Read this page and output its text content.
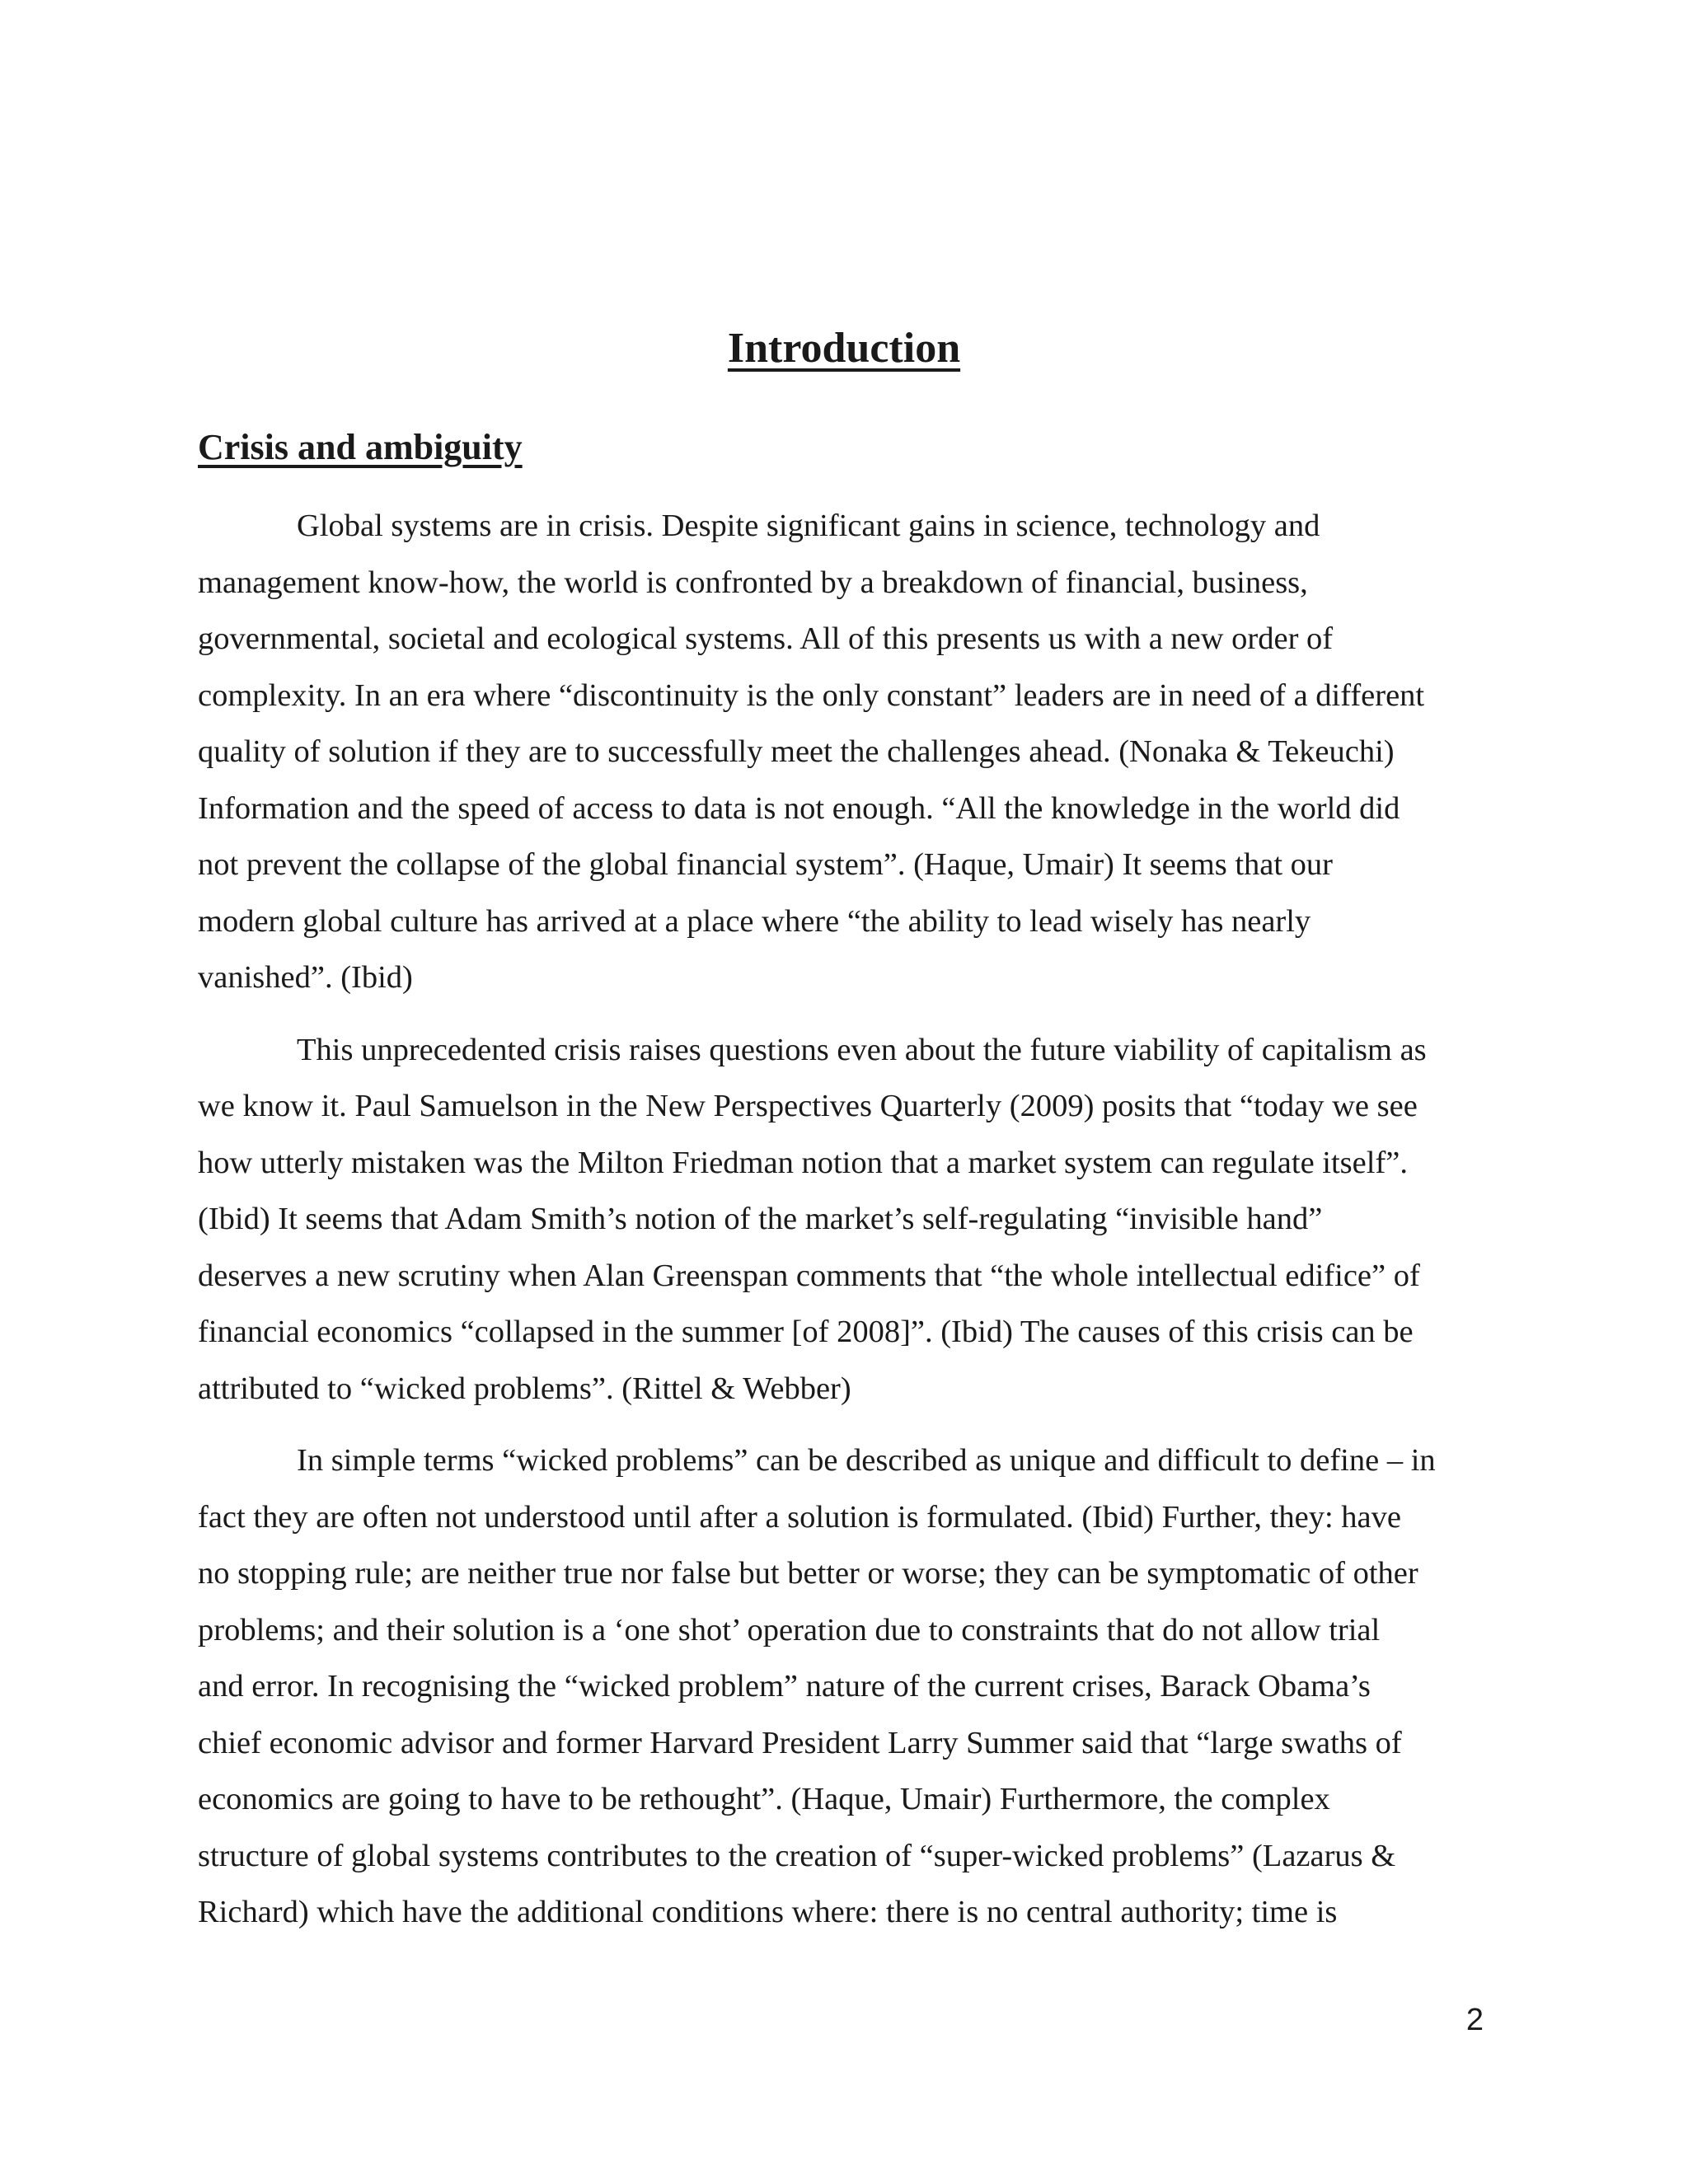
Introduction
Crisis and ambiguity

Global systems are in crisis. Despite significant gains in science, technology and
management know-how, the world is confronted by a breakdown of financial, business,
governmental, societal and ecological systems. All of this presents us with a new order of
complexity. In an era where “discontinuity is the only constant” leaders are in need of a different
quality of solution if they are to successfully meet the challenges ahead. (Nonaka & Tekeuchi)
Information and the speed of access to data is not enough. “All the knowledge in the world did
not prevent the collapse of the global financial system”. (Haque, Umair) It seems that our
modern global culture has arrived at a place where “the ability to lead wisely has nearly
vanished”. (Ibid)

This unprecedented crisis raises questions even about the future viability of capitalism as
we know it. Paul Samuelson in the New Perspectives Quarterly (2009) posits that “today we see
how utterly mistaken was the Milton Friedman notion that a market system can regulate itself”.
(Ibid) It seems that Adam Smith’s notion of the market’s self-regulating “invisible hand”
deserves a new scrutiny when Alan Greenspan comments that “the whole intellectual edifice” of
financial economics “collapsed in the summer [of 2008]”. (Ibid) The causes of this crisis can be
attributed to “wicked problems”. (Rittel & Webber)

In simple terms “wicked problems” can be described as unique and difficult to define – in
fact they are often not understood until after a solution is formulated. (Ibid) Further, they: have
no stopping rule; are neither true nor false but better or worse; they can be symptomatic of other
problems; and their solution is a ‘one shot’ operation due to constraints that do not allow trial
and error. In recognising the “wicked problem” nature of the current crises, Barack Obama’s
chief economic advisor and former Harvard President Larry Summer said that “large swaths of
economics are going to have to be rethought”. (Haque, Umair) Furthermore, the complex
structure of global systems contributes to the creation of “super-wicked problems” (Lazarus &
Richard) which have the additional conditions where: there is no central authority; time is

2
